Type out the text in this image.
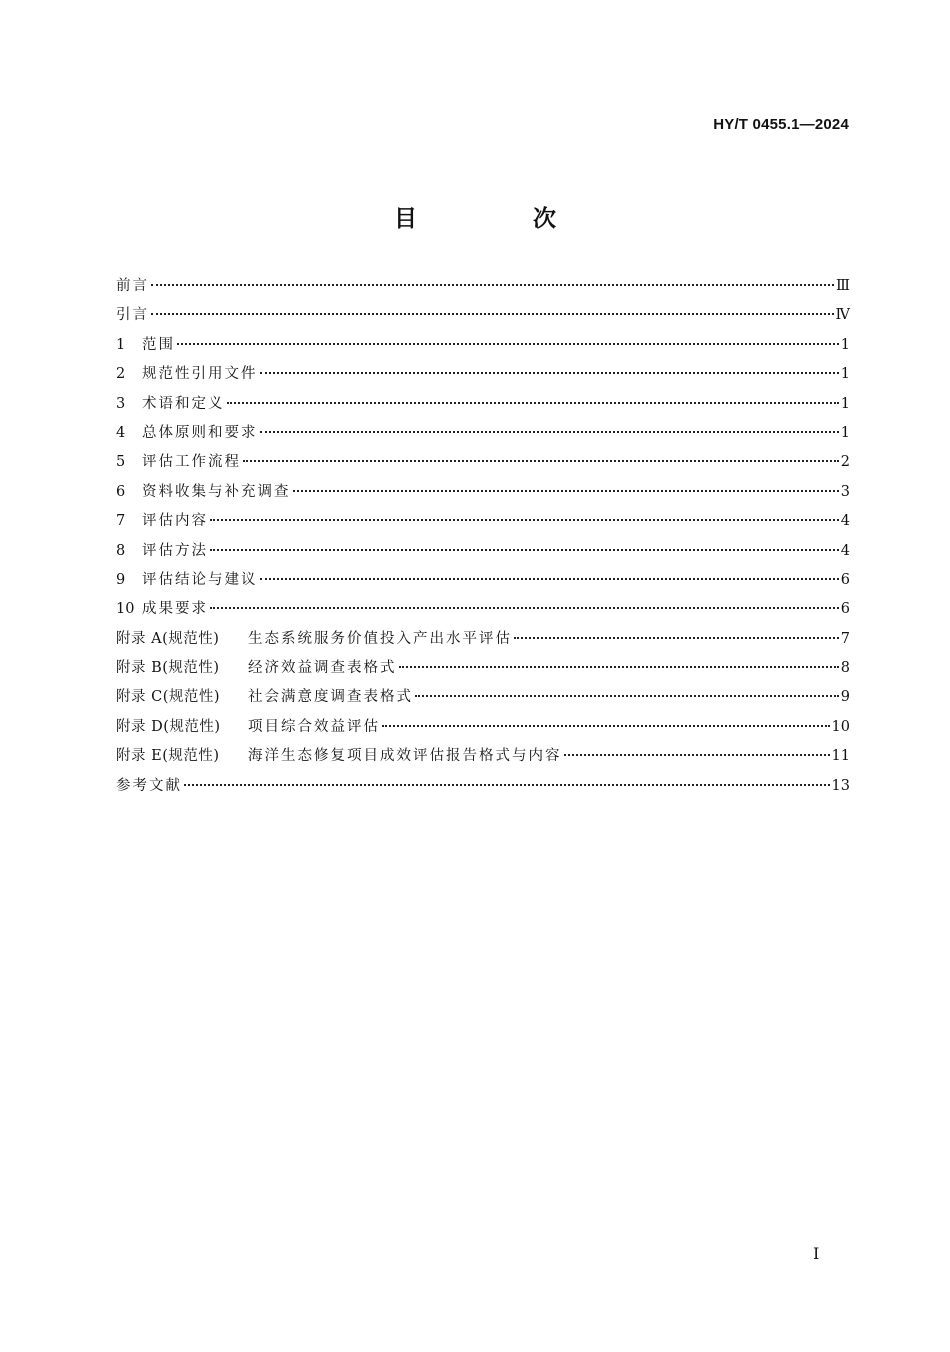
HY/T 0455.1—2024
目 次
前言	Ⅲ
引言	Ⅳ
1	范围	1
2	规范性引用文件	1
3	术语和定义	1
4	总体原则和要求	1
5	评估工作流程	2
6	资料收集与补充调查	3
7	评估内容	4
8	评估方法	4
9	评估结论与建议	6
10 成果要求	6
附录 A(规范性)	生态系统服务价值投入产出水平评估	7
附录 B(规范性)	经济效益调查表格式	8
附录 C(规范性)	社会满意度调查表格式	9
附录 D(规范性)	项目综合效益评估	10
附录 E(规范性)	海洋生态修复项目成效评估报告格式与内容	11
参考文献	13
I
